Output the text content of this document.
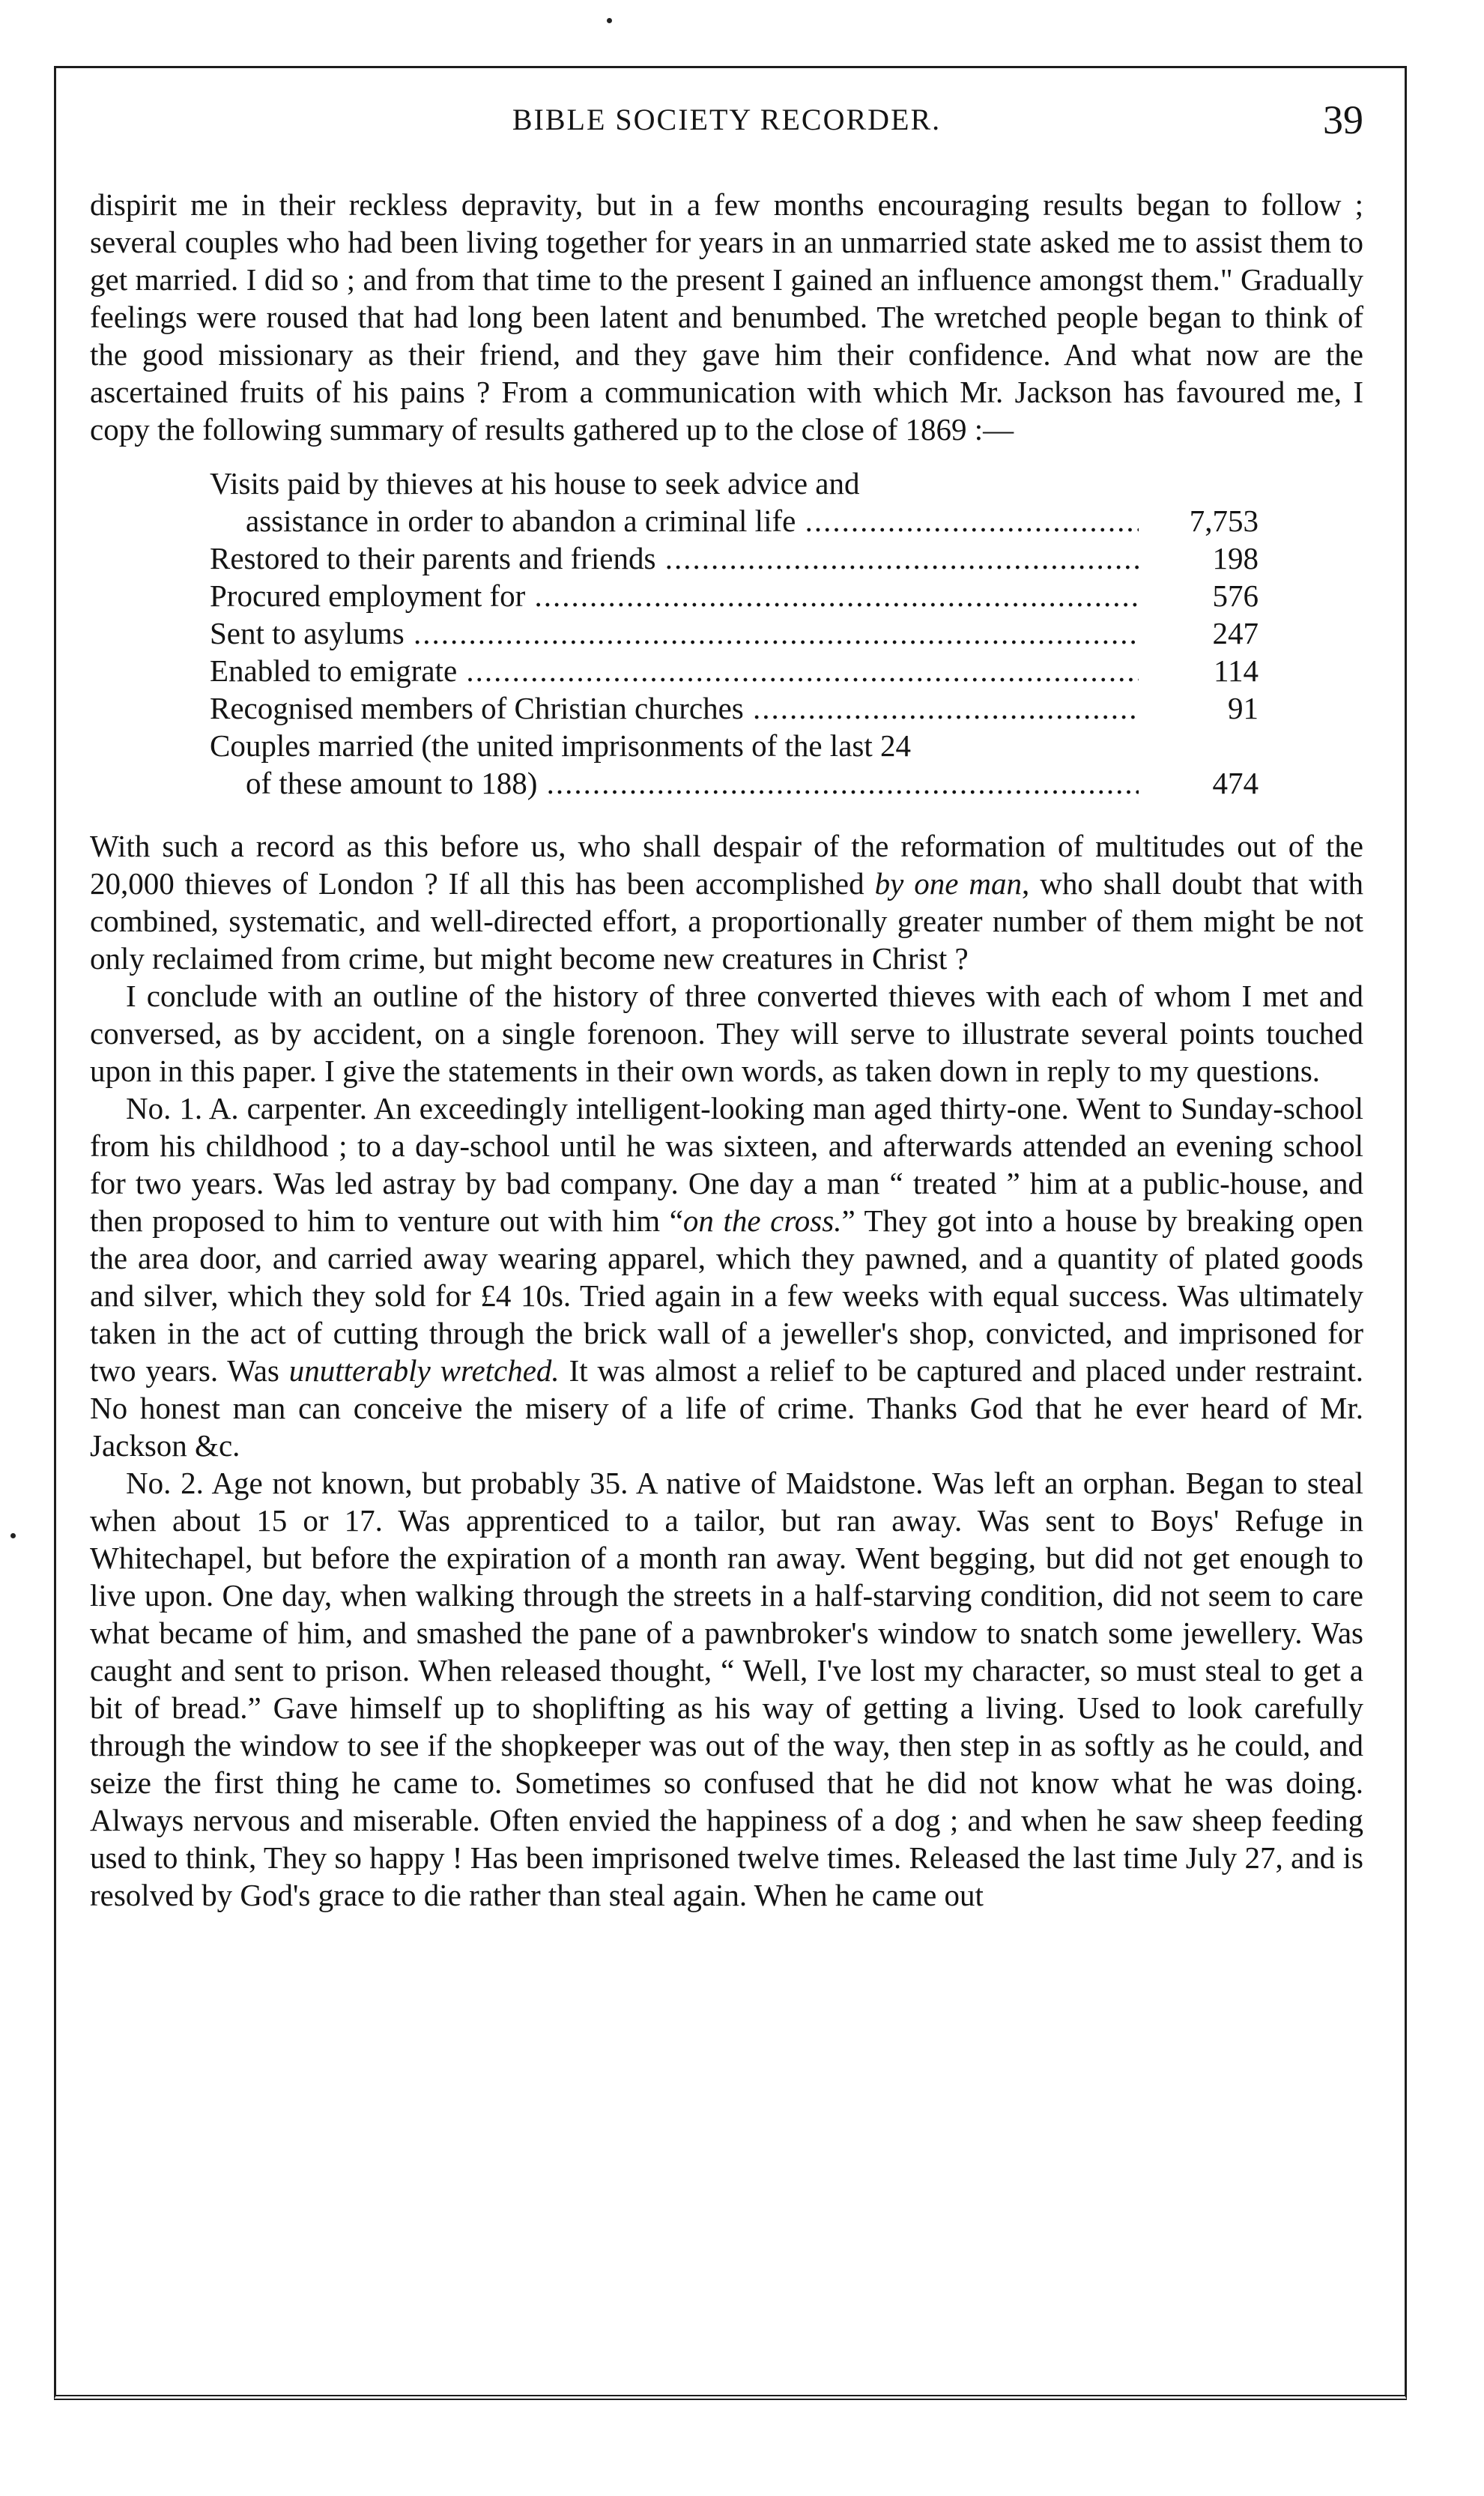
BIBLE SOCIETY RECORDER.	39

dispirit me in their reckless depravity, but in a few months encouraging results began to follow ; several couples who had been living together for years in an unmarried state asked me to assist them to get married. I did so ; and from that time to the present I gained an influence amongst them." Gradually feelings were roused that had long been latent and benumbed. The wretched people began to think of the good missionary as their friend, and they gave him their confidence. And what now are the ascertained fruits of his pains ? From a communication with which Mr. Jackson has favoured me, I copy the following summary of results gathered up to the close of 1869 :—

Visits paid by thieves at his house to seek advice and
assistance in order to abandon a criminal life .....	7,753
Restored to their parents and friends .....	198
Procured employment for .....	576
Sent to asylums .....	247
Enabled to emigrate .....	114
Recognised members of Christian churches .....	91
Couples married (the united imprisonments of the last 24
of these amount to 188) .....	474

With such a record as this before us, who shall despair of the reformation of multitudes out of the 20,000 thieves of London ? If all this has been accomplished by one man, who shall doubt that with combined, systematic, and well-directed effort, a proportionally greater number of them might be not only reclaimed from crime, but might become new creatures in Christ ?

I conclude with an outline of the history of three converted thieves with each of whom I met and conversed, as by accident, on a single forenoon. They will serve to illustrate several points touched upon in this paper. I give the statements in their own words, as taken down in reply to my questions.

No. 1. A. carpenter. An exceedingly intelligent-looking man aged thirty-one. Went to Sunday-school from his childhood ; to a day-school until he was sixteen, and afterwards attended an evening school for two years. Was led astray by bad company. One day a man “ treated ” him at a public-house, and then proposed to him to venture out with him “on the cross.” They got into a house by breaking open the area door, and carried away wearing apparel, which they pawned, and a quantity of plated goods and silver, which they sold for £4 10s. Tried again in a few weeks with equal success. Was ultimately taken in the act of cutting through the brick wall of a jeweller's shop, convicted, and imprisoned for two years. Was unutterably wretched. It was almost a relief to be captured and placed under restraint. No honest man can conceive the misery of a life of crime. Thanks God that he ever heard of Mr. Jackson &c.

No. 2. Age not known, but probably 35. A native of Maidstone. Was left an orphan. Began to steal when about 15 or 17. Was apprenticed to a tailor, but ran away. Was sent to Boys' Refuge in Whitechapel, but before the expiration of a month ran away. Went begging, but did not get enough to live upon. One day, when walking through the streets in a half-starving condition, did not seem to care what became of him, and smashed the pane of a pawnbroker's window to snatch some jewellery. Was caught and sent to prison. When released thought, “ Well, I've lost my character, so must steal to get a bit of bread.” Gave himself up to shoplifting as his way of getting a living. Used to look carefully through the window to see if the shopkeeper was out of the way, then step in as softly as he could, and seize the first thing he came to. Sometimes so confused that he did not know what he was doing. Always nervous and miserable. Often envied the happiness of a dog ; and when he saw sheep feeding used to think, They so happy ! Has been imprisoned twelve times. Released the last time July 27, and is resolved by God's grace to die rather than steal again. When he came out
